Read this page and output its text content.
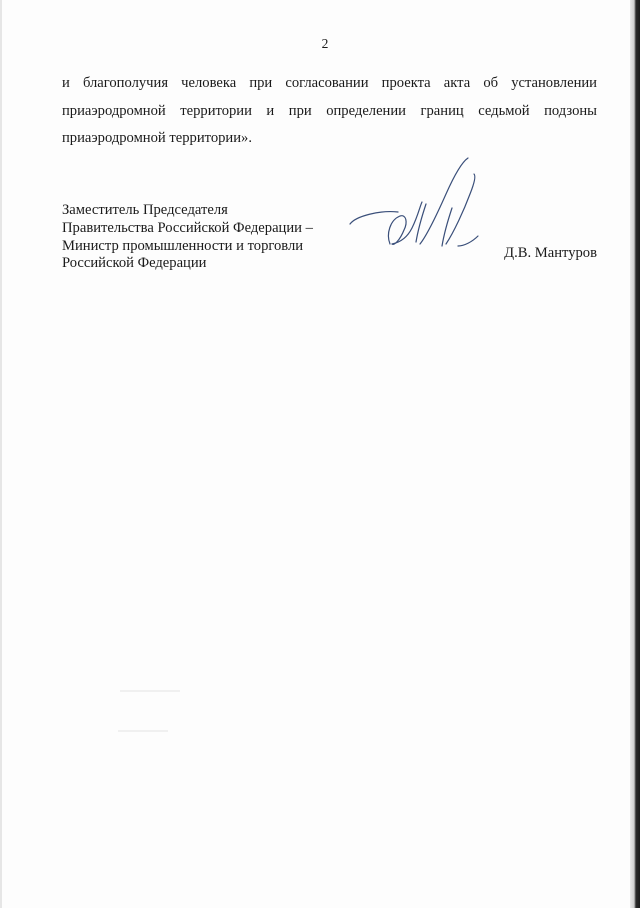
2

и благополучия человека при согласовании проекта акта об установлении
приаэродромной территории и при определении границ седьмой подзоны
приаэродромной территории».

Заместитель Председателя
Правительства Российской Федерации –
Министр промышленности и торговли
Российской Федерации
Д.В. Мантуров
